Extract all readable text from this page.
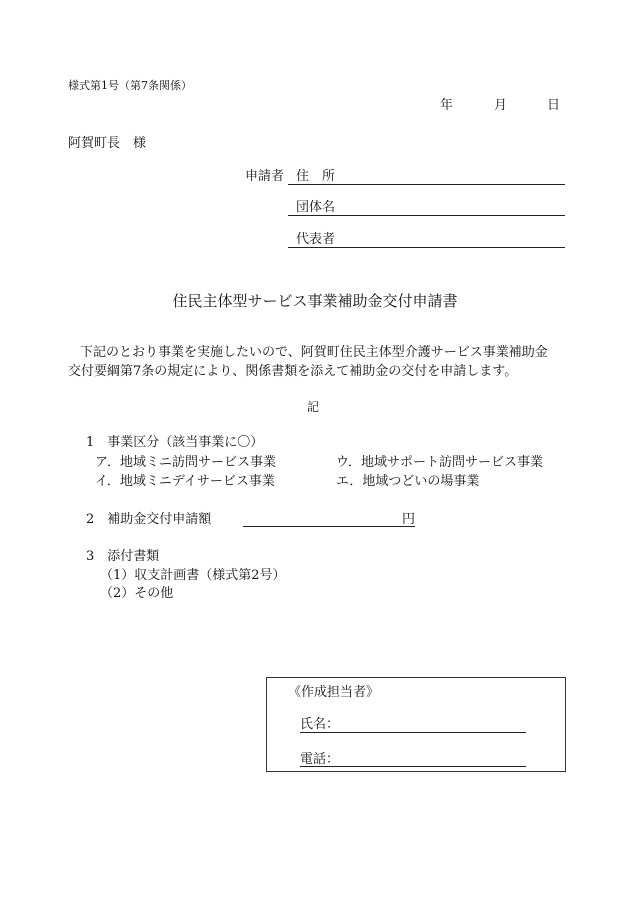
様式第1号（第7条関係）
年	月	日
阿賀町長　様
申請者 住　所
団体名
代表者
住民主体型サービス事業補助金交付申請書
下記のとおり事業を実施したいので、阿賀町住民主体型介護サービス事業補助金
交付要綱第7条の規定により、関係書類を添えて補助金の交付を申請します。
記
1　事業区分（該当事業に〇）
ア．地域ミニ訪問サービス事業	ウ．地域サポート訪問サービス事業
イ．地域ミニデイサービス事業	エ．地域つどいの場事業
2　補助金交付申請額	円
3　添付書類
（1）収支計画書（様式第2号）
（2）その他
《作成担当者》
氏名：
電話：
